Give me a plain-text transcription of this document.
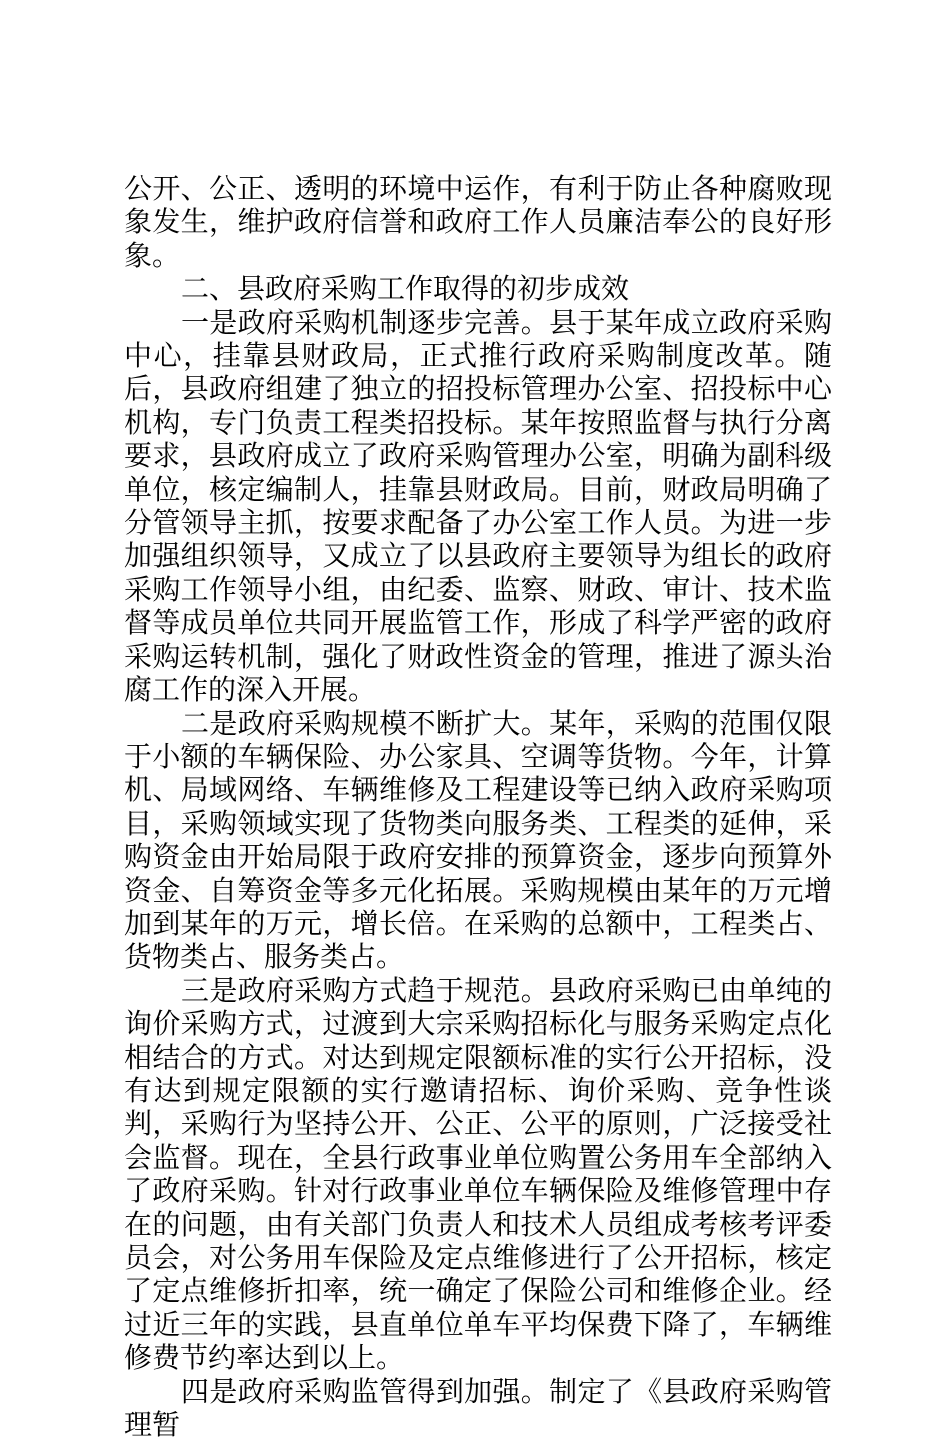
公开、公正、透明的环境中运作，有利于防止各种腐败现象发生，维护政府信誉和政府工作人员廉洁奉公的良好形象。

二、县政府采购工作取得的初步成效

一是政府采购机制逐步完善。县于某年成立政府采购中心，挂靠县财政局，正式推行政府采购制度改革。随后，县政府组建了独立的招投标管理办公室、招投标中心机构，专门负责工程类招投标。某年按照监督与执行分离要求，县政府成立了政府采购管理办公室，明确为副科级单位，核定编制人，挂靠县财政局。目前，财政局明确了分管领导主抓，按要求配备了办公室工作人员。为进一步加强组织领导，又成立了以县政府主要领导为组长的政府采购工作领导小组，由纪委、监察、财政、审计、技术监督等成员单位共同开展监管工作，形成了科学严密的政府采购运转机制，强化了财政性资金的管理，推进了源头治腐工作的深入开展。

二是政府采购规模不断扩大。某年，采购的范围仅限于小额的车辆保险、办公家具、空调等货物。今年，计算机、局域网络、车辆维修及工程建设等已纳入政府采购项目，采购领域实现了货物类向服务类、工程类的延伸，采购资金由开始局限于政府安排的预算资金，逐步向预算外资金、自筹资金等多元化拓展。采购规模由某年的万元增加到某年的万元，增长倍。在采购的总额中，工程类占、货物类占、服务类占。

三是政府采购方式趋于规范。县政府采购已由单纯的询价采购方式，过渡到大宗采购招标化与服务采购定点化相结合的方式。对达到规定限额标准的实行公开招标，没有达到规定限额的实行邀请招标、询价采购、竞争性谈判，采购行为坚持公开、公正、公平的原则，广泛接受社会监督。现在，全县行政事业单位购置公务用车全部纳入了政府采购。针对行政事业单位车辆保险及维修管理中存在的问题，由有关部门负责人和技术人员组成考核考评委员会，对公务用车保险及定点维修进行了公开招标，核定了定点维修折扣率，统一确定了保险公司和维修企业。经过近三年的实践，县直单位单车平均保费下降了，车辆维修费节约率达到以上。

四是政府采购监管得到加强。制定了《县政府采购管理暂
